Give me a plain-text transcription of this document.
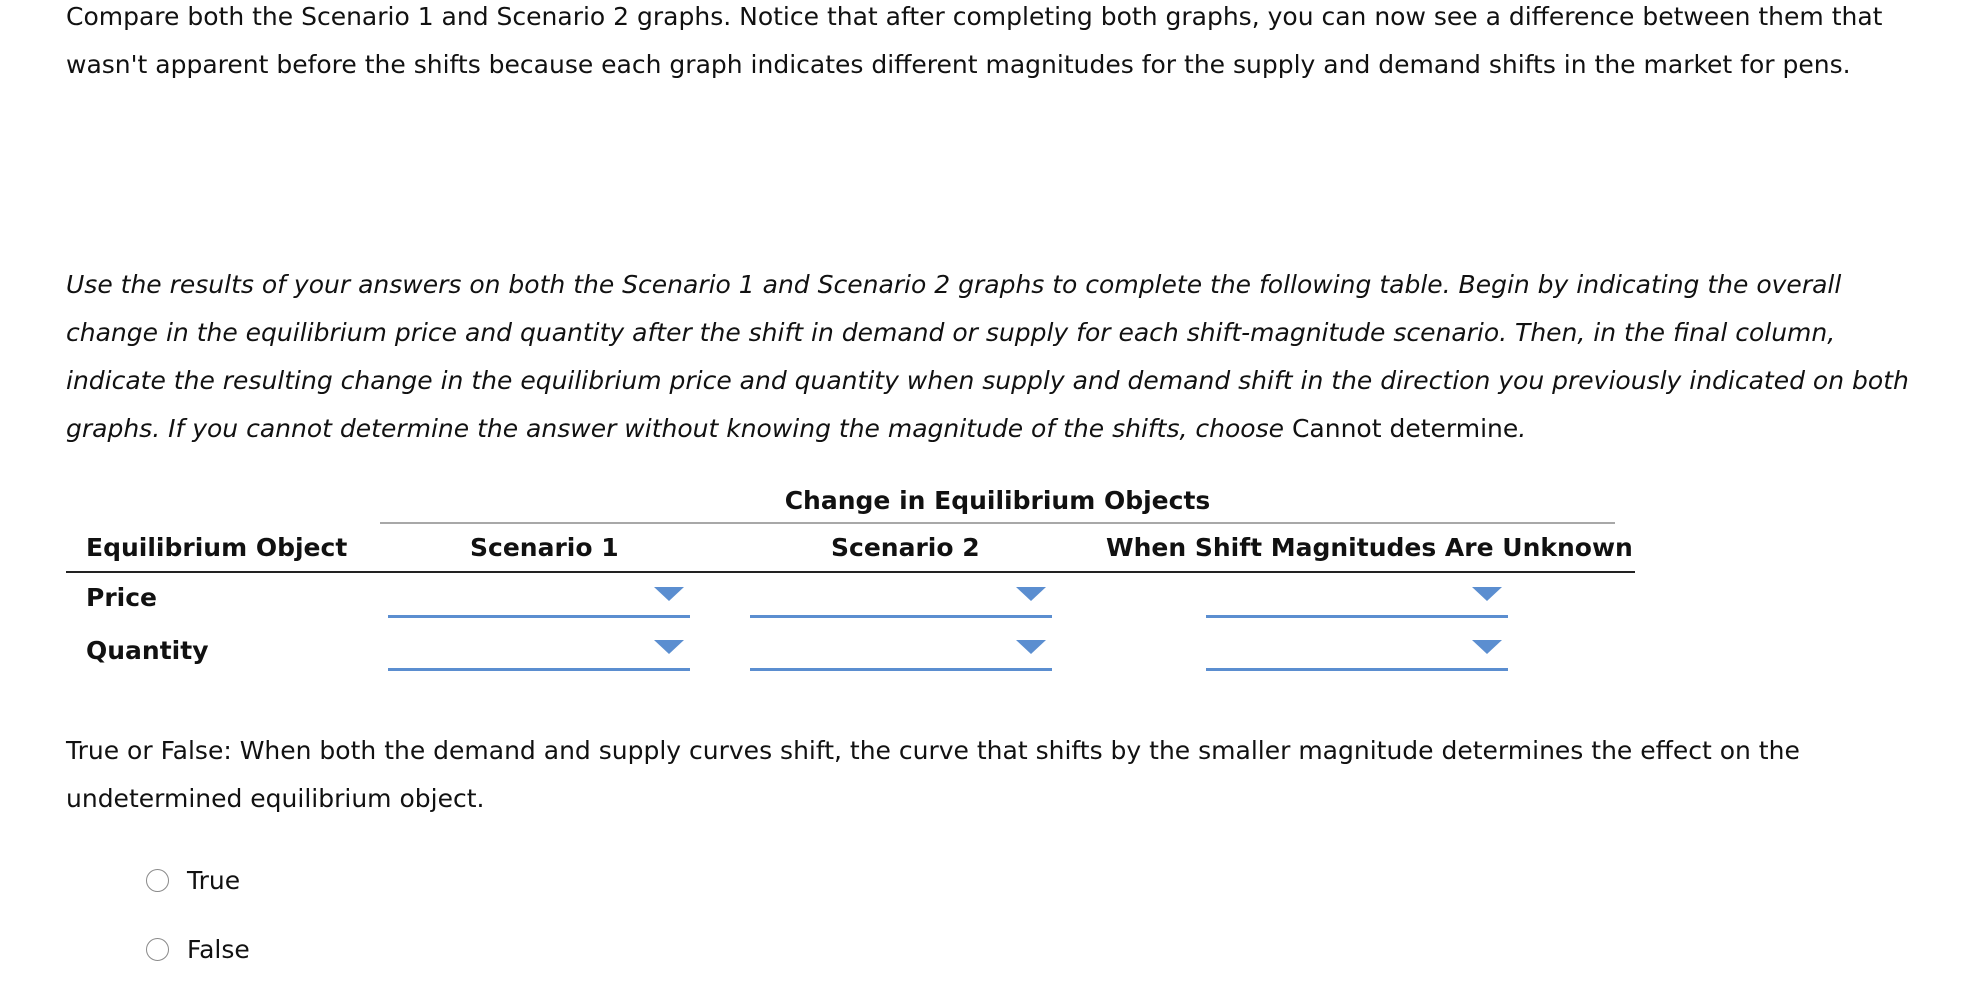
Compare both the Scenario 1 and Scenario 2 graphs. Notice that after completing both graphs, you can now see a difference between them that wasn't apparent before the shifts because each graph indicates different magnitudes for the supply and demand shifts in the market for pens.

Use the results of your answers on both the Scenario 1 and Scenario 2 graphs to complete the following table. Begin by indicating the overall change in the equilibrium price and quantity after the shift in demand or supply for each shift-magnitude scenario. Then, in the final column, indicate the resulting change in the equilibrium price and quantity when supply and demand shift in the direction you previously indicated on both graphs. If you cannot determine the answer without knowing the magnitude of the shifts, choose Cannot determine.

Change in Equilibrium Objects
Equilibrium Object	Scenario 1	Scenario 2	When Shift Magnitudes Are Unknown
Price
Quantity

True or False: When both the demand and supply curves shift, the curve that shifts by the smaller magnitude determines the effect on the undetermined equilibrium object.

True
False
